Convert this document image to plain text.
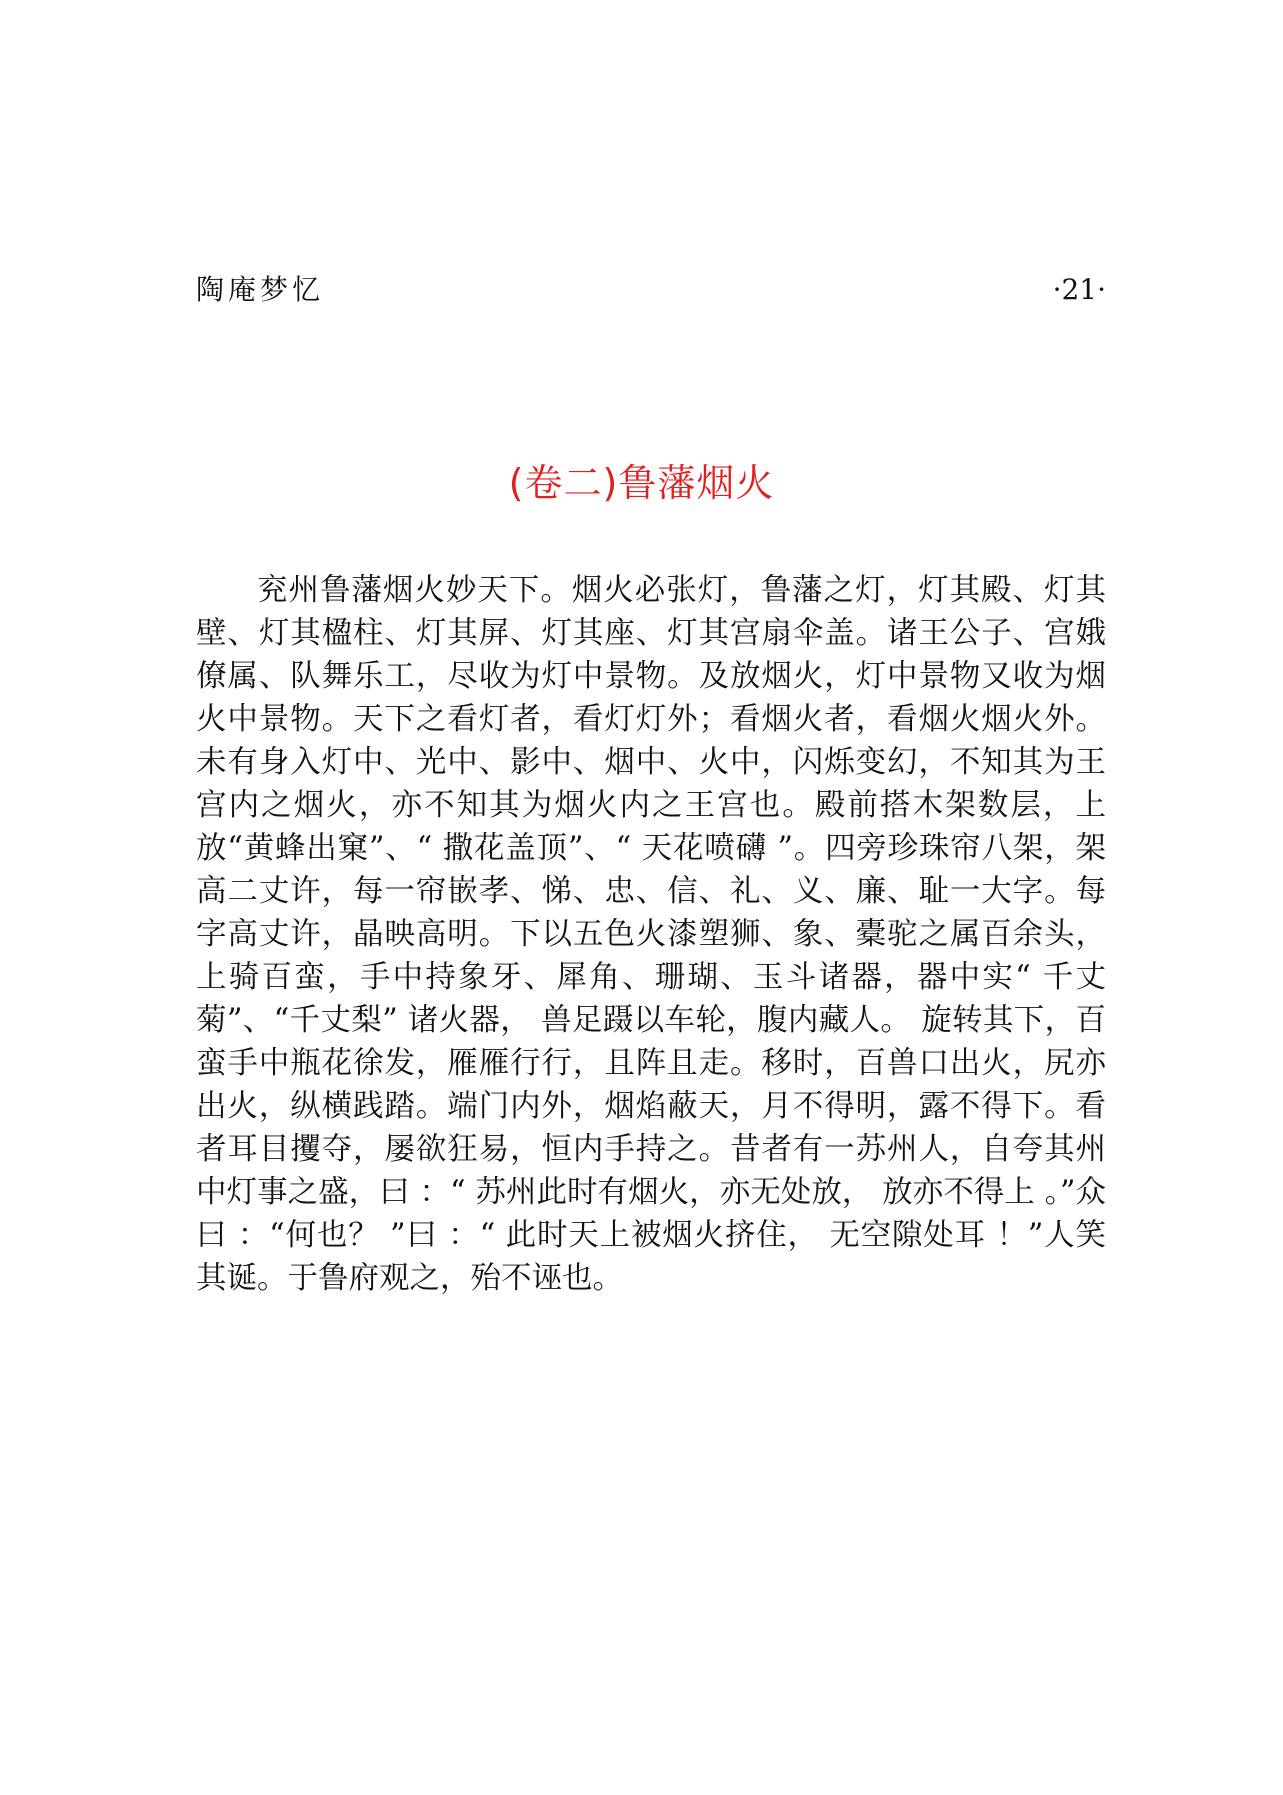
陶庵梦忆	·21·
(卷二)鲁藩烟火

兖州鲁藩烟火妙天下。烟火必张灯，鲁藩之灯，灯其殿、灯其壁、灯其楹柱、灯其屏、灯其座、灯其宫扇伞盖。诸王公子、宫娥僚属、队舞乐工，尽收为灯中景物。及放烟火，灯中景物又收为烟火中景物。天下之看灯者，看灯灯外；看烟火者，看烟火烟火外。未有身入灯中、光中、影中、烟中、火中，闪烁变幻，不知其为王宫内之烟火，亦不知其为烟火内之王宫也。殿前搭木架数层，上放“黄蜂出窠”、“ 撒花盖顶”、“ 天花喷礴 ”。四旁珍珠帘八架，架高二丈许，每一帘嵌孝、悌、忠、信、礼、义、廉、耻一大字。每字高丈许，晶映高明。下以五色火漆塑狮、象、橐驼之属百余头，上骑百蛮，手中持象牙、犀角、珊瑚、玉斗诸器，器中实“ 千丈菊”、“千丈梨” 诸火器， 兽足蹑以车轮，腹内藏人。 旋转其下，百蛮手中瓶花徐发，雁雁行行，且阵且走。移时，百兽口出火，尻亦出火，纵横践踏。端门内外，烟焰蔽天，月不得明，露不得下。看者耳目攫夺，屡欲狂易，恒内手持之。昔者有一苏州人，自夸其州中灯事之盛，曰 ：“ 苏州此时有烟火，亦无处放， 放亦不得上 。”众曰 ：“何也？ ”曰 ：“ 此时天上被烟火挤住， 无空隙处耳 ！”人笑其诞。于鲁府观之，殆不诬也。
